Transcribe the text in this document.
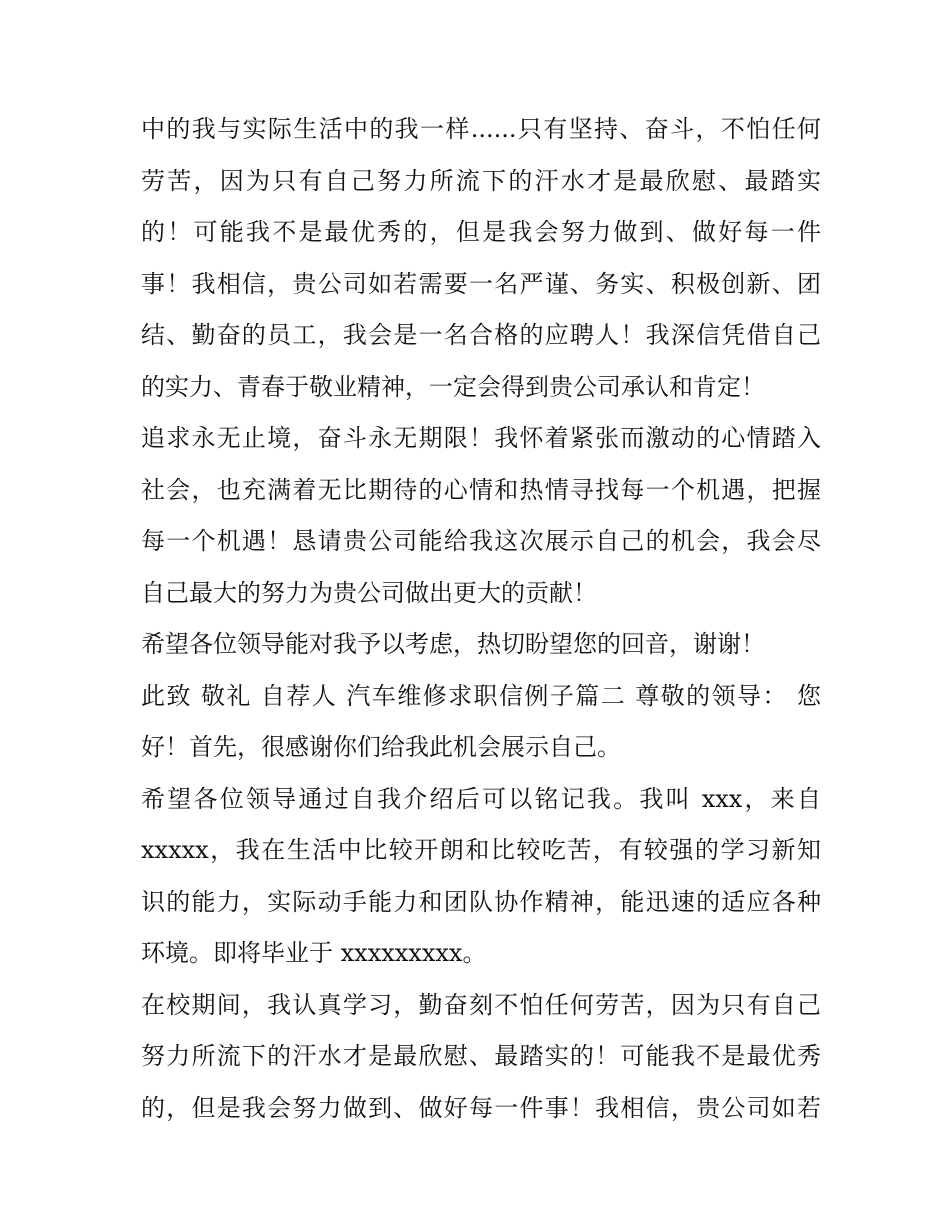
中的我与实际生活中的我一样......只有坚持、奋斗，不怕任何
劳苦，因为只有自己努力所流下的汗水才是最欣慰、最踏实
的！可能我不是最优秀的，但是我会努力做到、做好每一件
事！我相信，贵公司如若需要一名严谨、务实、积极创新、团
结、勤奋的员工，我会是一名合格的应聘人！我深信凭借自己
的实力、青春于敬业精神，一定会得到贵公司承认和肯定！
追求永无止境，奋斗永无期限！我怀着紧张而激动的心情踏入
社会，也充满着无比期待的心情和热情寻找每一个机遇，把握
每一个机遇！恳请贵公司能给我这次展示自己的机会，我会尽
自己最大的努力为贵公司做出更大的贡献！
希望各位领导能对我予以考虑，热切盼望您的回音，谢谢！
此致 敬礼 自荐人 汽车维修求职信例子篇二 尊敬的领导： 您
好！首先，很感谢你们给我此机会展示自己。
希望各位领导通过自我介绍后可以铭记我。我叫 xxx，来自
xxxxx，我在生活中比较开朗和比较吃苦，有较强的学习新知
识的能力，实际动手能力和团队协作精神，能迅速的适应各种
环境。即将毕业于 xxxxxxxxx。
在校期间，我认真学习，勤奋刻不怕任何劳苦，因为只有自己
努力所流下的汗水才是最欣慰、最踏实的！可能我不是最优秀
的，但是我会努力做到、做好每一件事！我相信，贵公司如若
